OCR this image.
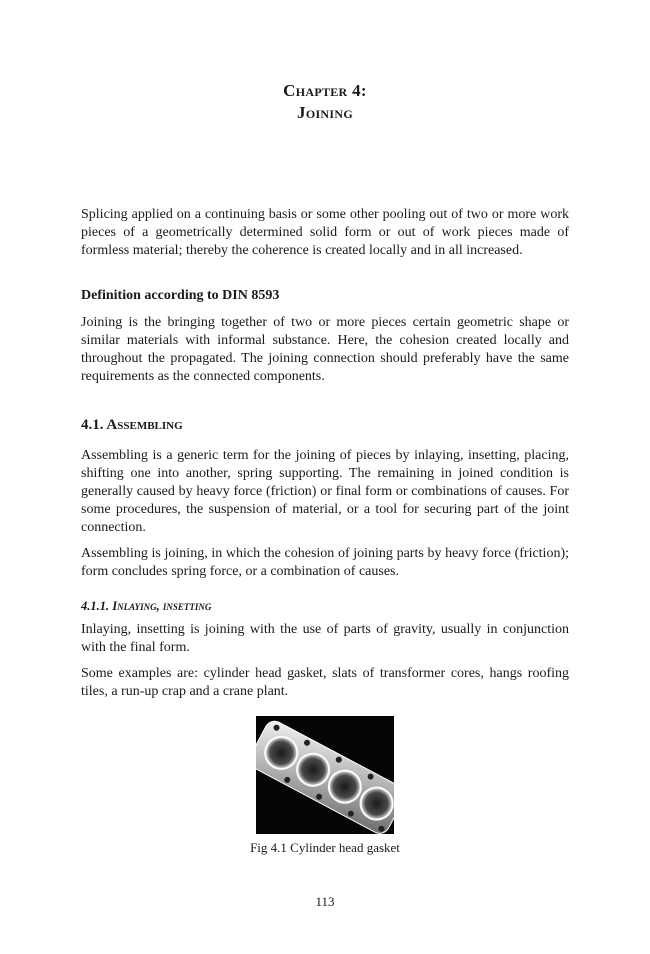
Chapter 4:
Joining

Splicing applied on a continuing basis or some other pooling out of two or more work pieces of a geometrically determined solid form or out of work pieces made of formless material; thereby the coherence is created locally and in all increased.

Definition according to DIN 8593

Joining is the bringing together of two or more pieces certain geometric shape or similar materials with informal substance. Here, the cohesion created locally and throughout the propagated. The joining connection should preferably have the same requirements as the connected components.

4.1. Assembling

Assembling is a generic term for the joining of pieces by inlaying, insetting, placing, shifting one into another, spring supporting. The remaining in joined condition is generally caused by heavy force (friction) or final form or combinations of causes. For some procedures, the suspension of material, or a tool for securing part of the joint connection.

Assembling is joining, in which the cohesion of joining parts by heavy force (friction); form concludes spring force, or a combination of causes.

4.1.1. Inlaying, insetting

Inlaying, insetting is joining with the use of parts of gravity, usually in conjunction with the final form.

Some examples are: cylinder head gasket, slats of transformer cores, hangs roofing tiles, a run-up crap and a crane plant.

Fig 4.1 Cylinder head gasket
113
